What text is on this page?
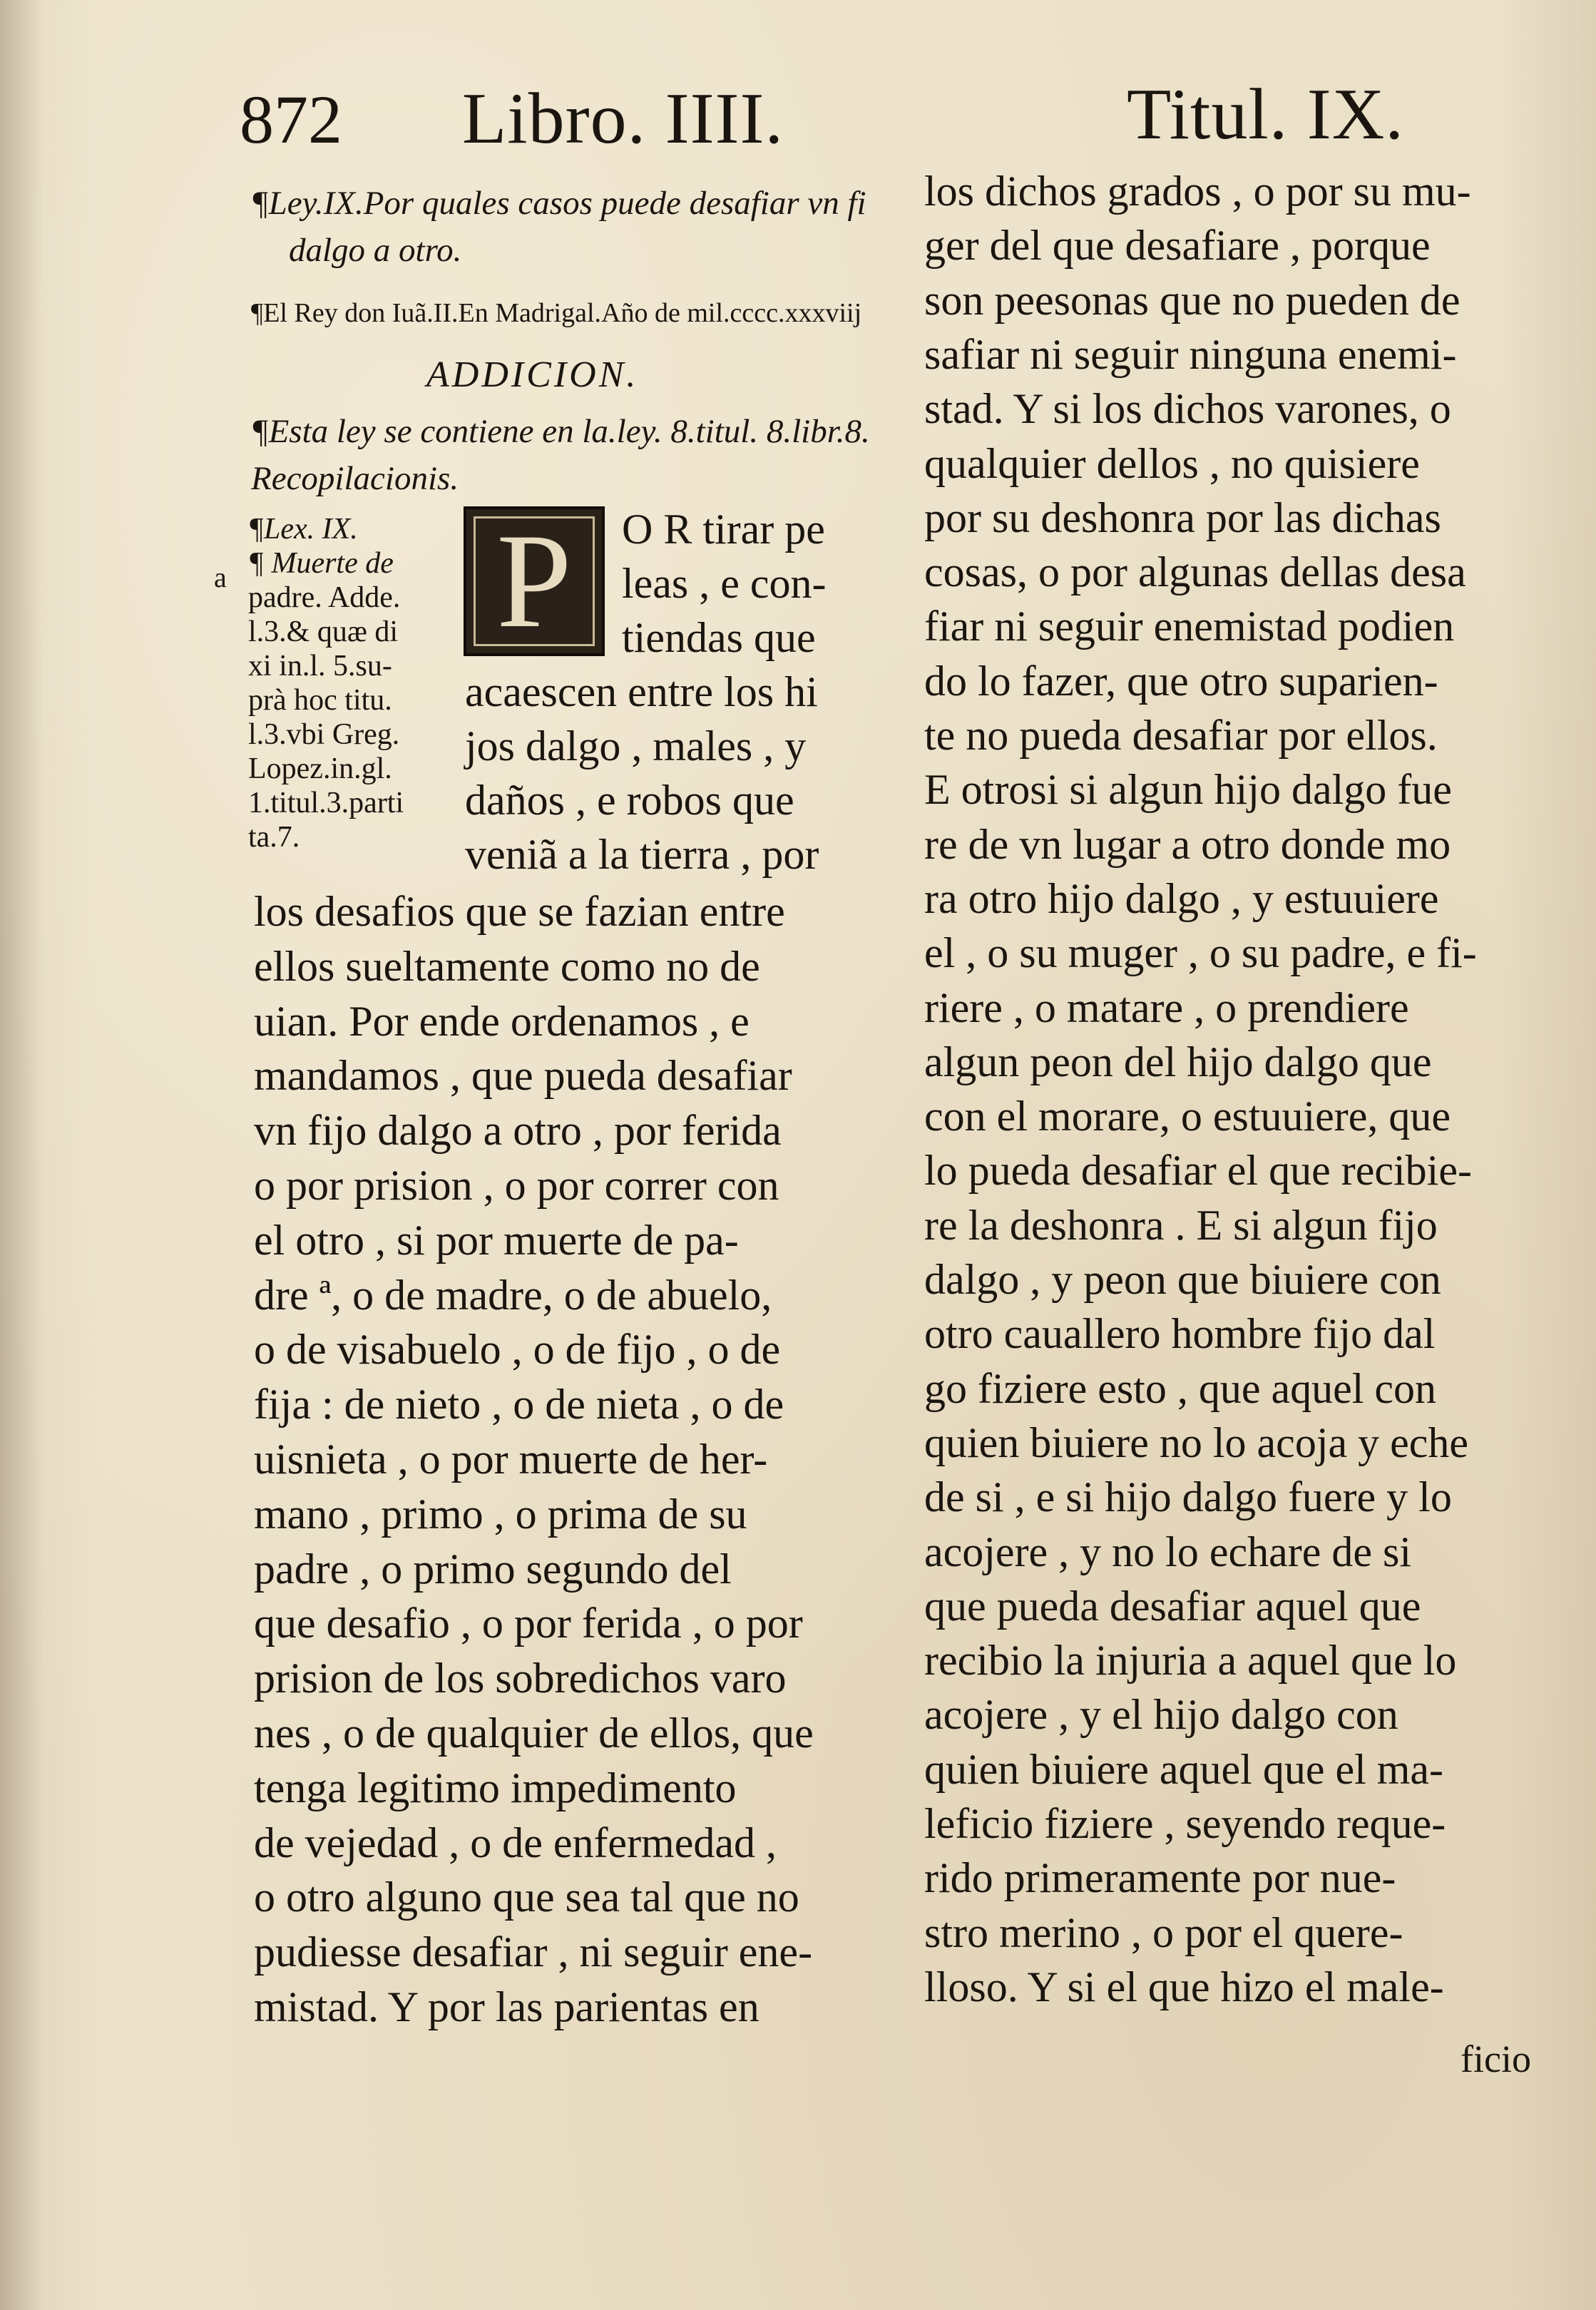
872 Libro. IIII.	Titul. IX.
¶Ley.IX.Por quales casos puede desafiar vn fi
dalgo a otro.
¶El Rey don Iuã.II.En Madrigal.Año de mil.cccc.xxxviij
ADDICION.
¶Esta ley se contiene en la.ley. 8.titul. 8.libr.8.
Recopilacionis.
a
¶Lex. IX.
¶ Muerte de
padre. Adde.
l.3.& quæ di
xi in.l. 5.su-
prà hoc titu.
l.3.vbi Greg.
Lopez.in.gl.
1.titul.3.parti
ta.7.
P O R tirar pe
leas , e con-
tiendas que
acaescen entre los hi
jos dalgo , males , y
daños , e robos que
veniã a la tierra , por
los desafios que se fazian entre
ellos sueltamente como no de
uian. Por ende ordenamos , e
mandamos , que pueda desafiar
vn fijo dalgo a otro , por ferida
o por prision , o por correr con
el otro , si por muerte de pa-
dre ª, o de madre, o de abuelo,
o de visabuelo , o de fijo , o de
fija : de nieto , o de nieta , o de
uisnieta , o por muerte de her-
mano , primo , o prima de su
padre , o primo segundo del
que desafio , o por ferida , o por
prision de los sobredichos varo
nes , o de qualquier de ellos, que
tenga legitimo impedimento
de vejedad , o de enfermedad ,
o otro alguno que sea tal que no
pudiesse desafiar , ni seguir ene-
mistad. Y por las parientas en
los dichos grados , o por su mu-
ger del que desafiare , porque
son peesonas que no pueden de
safiar ni seguir ninguna enemi-
stad. Y si los dichos varones, o
qualquier dellos , no quisiere
por su deshonra por las dichas
cosas, o por algunas dellas desa
fiar ni seguir enemistad podien
do lo fazer, que otro suparien-
te no pueda desafiar por ellos.
E otrosi si algun hijo dalgo fue
re de vn lugar a otro donde mo
ra otro hijo dalgo , y estuuiere
el , o su muger , o su padre, e fi-
riere , o matare , o prendiere
algun peon del hijo dalgo que
con el morare, o estuuiere, que
lo pueda desafiar el que recibie-
re la deshonra . E si algun fijo
dalgo , y peon que biuiere con
otro cauallero hombre fijo dal
go fiziere esto , que aquel con
quien biuiere no lo acoja y eche
de si , e si hijo dalgo fuere y lo
acojere , y no lo echare de si
que pueda desafiar aquel que
recibio la injuria a aquel que lo
acojere , y el hijo dalgo con
quien biuiere aquel que el ma-
leficio fiziere , seyendo reque-
rido primeramente por nue-
stro merino , o por el quere-
lloso. Y si el que hizo el male-
ficio
